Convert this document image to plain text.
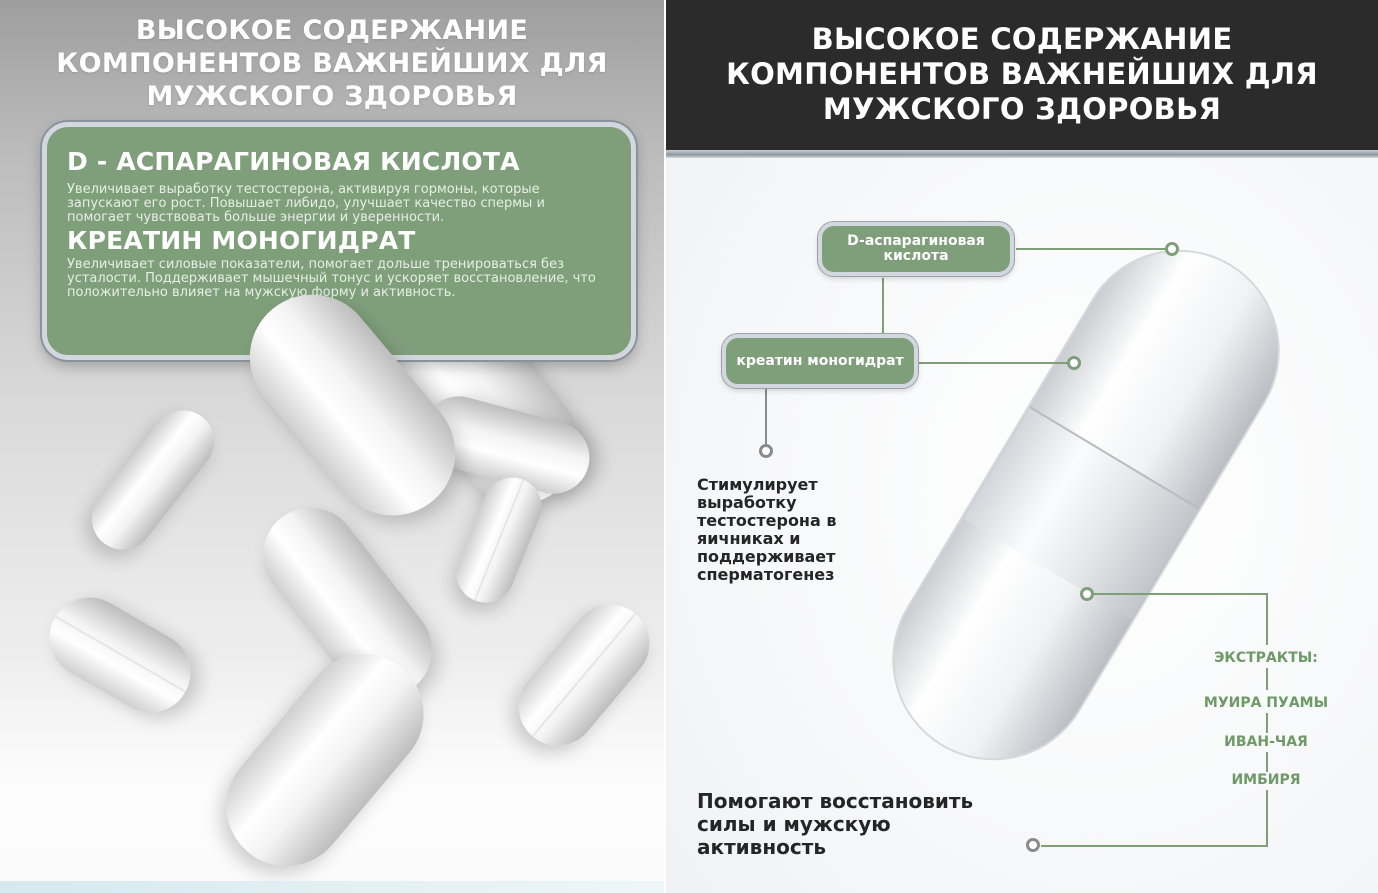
ВЫСОКОЕ СОДЕРЖАНИЕ КОМПОНЕНТОВ ВАЖНЕЙШИХ ДЛЯ МУЖСКОГО ЗДОРОВЬЯ
D - АСПАРАГИНОВАЯ КИСЛОТА
Увеличивает выработку тестостерона, активируя гормоны, которые запускают его рост. Повышает либидо, улучшает качество спермы и помогает чувствовать больше энергии и уверенности.
КРЕАТИН МОНОГИДРАТ
Увеличивает силовые показатели, помогает дольше тренироваться без усталости. Поддерживает мышечный тонус и ускоряет восстановление, что положительно влияет на мужскую форму и активность.
ВЫСОКОЕ СОДЕРЖАНИЕ КОМПОНЕНТОВ ВАЖНЕЙШИХ ДЛЯ МУЖСКОГО ЗДОРОВЬЯ
D-аспарагиновая кислота
креатин моногидрат
Стимулирует выработку тестостерона в яичниках и поддерживает сперматогенез
ЭКСТРАКТЫ:
МУИРА ПУАМЫ
ИВАН-ЧАЯ
ИМБИРЯ
Помогают восстановить силы и мужскую активность
